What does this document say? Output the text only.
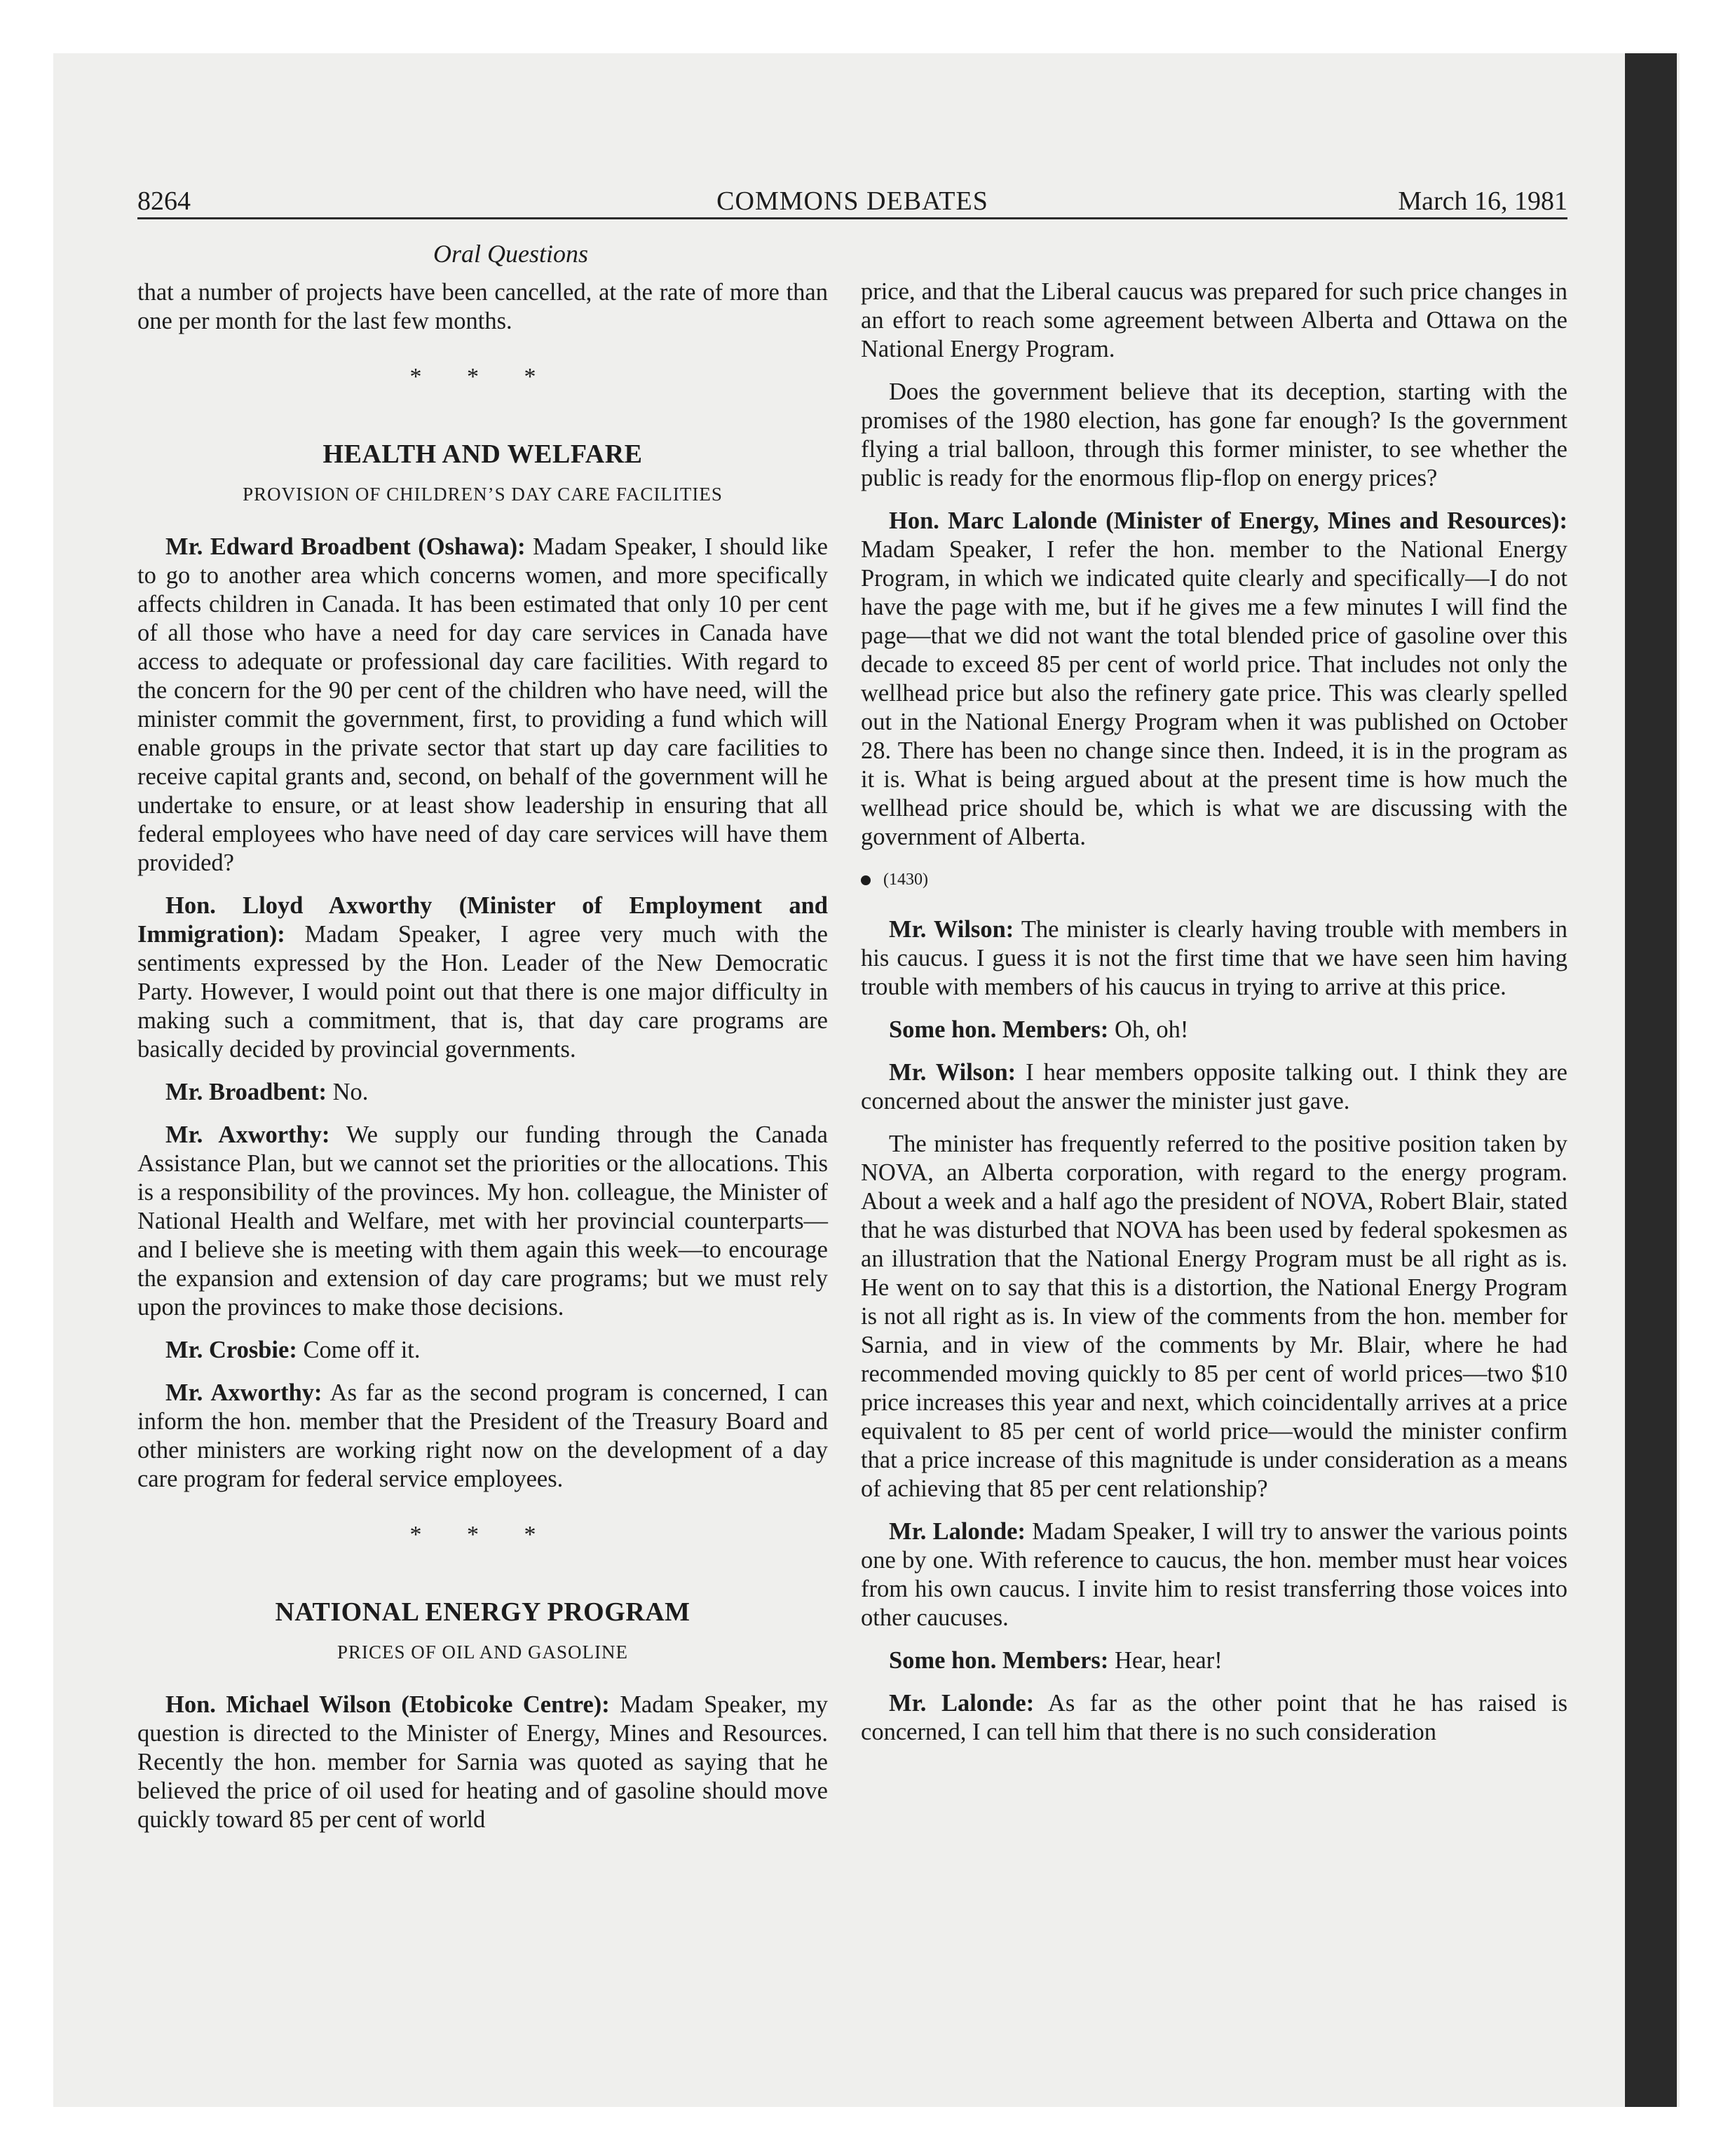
8264	COMMONS DEBATES	March 16, 1981
Oral Questions

that a number of projects have been cancelled, at the rate of more than one per month for the last few months.

* * *
HEALTH AND WELFARE
PROVISION OF CHILDREN’S DAY CARE FACILITIES

Mr. Edward Broadbent (Oshawa): Madam Speaker, I should like to go to another area which concerns women, and more specifically affects children in Canada. It has been estimated that only 10 per cent of all those who have a need for day care services in Canada have access to adequate or professional day care facilities. With regard to the concern for the 90 per cent of the children who have need, will the minister commit the government, first, to providing a fund which will enable groups in the private sector that start up day care facilities to receive capital grants and, second, on behalf of the government will he undertake to ensure, or at least show leadership in ensuring that all federal employees who have need of day care services will have them provided?

Hon. Lloyd Axworthy (Minister of Employment and Immigration): Madam Speaker, I agree very much with the sentiments expressed by the Hon. Leader of the New Democratic Party. However, I would point out that there is one major difficulty in making such a commitment, that is, that day care programs are basically decided by provincial governments.

Mr. Broadbent: No.

Mr. Axworthy: We supply our funding through the Canada Assistance Plan, but we cannot set the priorities or the allocations. This is a responsibility of the provinces. My hon. colleague, the Minister of National Health and Welfare, met with her provincial counterparts—and I believe she is meeting with them again this week—to encourage the expansion and extension of day care programs; but we must rely upon the provinces to make those decisions.

Mr. Crosbie: Come off it.

Mr. Axworthy: As far as the second program is concerned, I can inform the hon. member that the President of the Treasury Board and other ministers are working right now on the development of a day care program for federal service employees.

* * *
NATIONAL ENERGY PROGRAM
PRICES OF OIL AND GASOLINE

Hon. Michael Wilson (Etobicoke Centre): Madam Speaker, my question is directed to the Minister of Energy, Mines and Resources. Recently the hon. member for Sarnia was quoted as saying that he believed the price of oil used for heating and of gasoline should move quickly toward 85 per cent of world

price, and that the Liberal caucus was prepared for such price changes in an effort to reach some agreement between Alberta and Ottawa on the National Energy Program.

Does the government believe that its deception, starting with the promises of the 1980 election, has gone far enough? Is the government flying a trial balloon, through this former minister, to see whether the public is ready for the enormous flip-flop on energy prices?

Hon. Marc Lalonde (Minister of Energy, Mines and Resources): Madam Speaker, I refer the hon. member to the National Energy Program, in which we indicated quite clearly and specifically—I do not have the page with me, but if he gives me a few minutes I will find the page—that we did not want the total blended price of gasoline over this decade to exceed 85 per cent of world price. That includes not only the wellhead price but also the refinery gate price. This was clearly spelled out in the National Energy Program when it was published on October 28. There has been no change since then. Indeed, it is in the program as it is. What is being argued about at the present time is how much the wellhead price should be, which is what we are discussing with the government of Alberta.

(1430)

Mr. Wilson: The minister is clearly having trouble with members in his caucus. I guess it is not the first time that we have seen him having trouble with members of his caucus in trying to arrive at this price.

Some hon. Members: Oh, oh!

Mr. Wilson: I hear members opposite talking out. I think they are concerned about the answer the minister just gave.

The minister has frequently referred to the positive position taken by NOVA, an Alberta corporation, with regard to the energy program. About a week and a half ago the president of NOVA, Robert Blair, stated that he was disturbed that NOVA has been used by federal spokesmen as an illustration that the National Energy Program must be all right as is. He went on to say that this is a distortion, the National Energy Program is not all right as is. In view of the comments from the hon. member for Sarnia, and in view of the comments by Mr. Blair, where he had recommended moving quickly to 85 per cent of world prices—two $10 price increases this year and next, which coincidentally arrives at a price equivalent to 85 per cent of world price—would the minister confirm that a price increase of this magnitude is under consideration as a means of achieving that 85 per cent relationship?

Mr. Lalonde: Madam Speaker, I will try to answer the various points one by one. With reference to caucus, the hon. member must hear voices from his own caucus. I invite him to resist transferring those voices into other caucuses.

Some hon. Members: Hear, hear!

Mr. Lalonde: As far as the other point that he has raised is concerned, I can tell him that there is no such consideration
